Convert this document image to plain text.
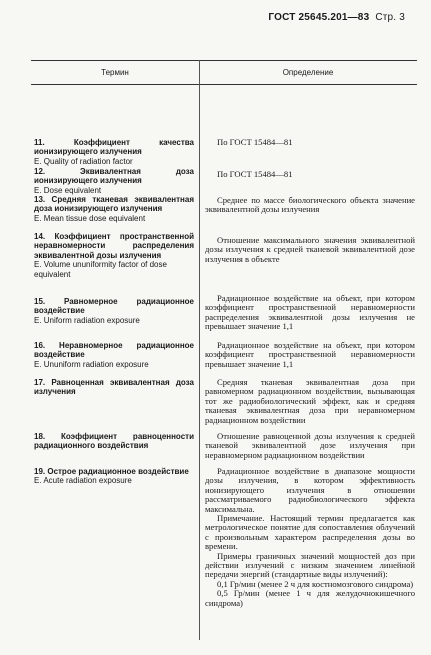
ГОСТ 25645.201—83 Стр. 3
Термин	Определение

11. Коэффициент качества ионизирующего излучения

E. Quality of radiation factor

По ГОСТ 15484—81

12. Эквивалентная доза ионизирующего излучения

E. Dose equivalent

По ГОСТ 15484—81

13. Средняя тканевая эквивалентная доза ионизирующего излучения

E. Mean tissue dose equivalent

Среднее по массе биологического объекта значение эквивалентной дозы излучения

14. Коэффициент пространственной неравномерности распределения эквивалентной дозы излучения

E. Volume ununiformity factor of dose equivalent

Отношение максимального значения эквивалентной дозы излучения к средней тканевой эквивалентной дозе излучения в объекте

15. Равномерное радиационное воздействие

E. Uniform radiation exposure

Радиационное воздействие на объект, при котором коэффициент пространственной неравномерности распределения эквивалентной дозы излучения не превышает значение 1,1

16. Неравномерное радиационное воздействие

E. Ununiform radiation exposure

Радиационное воздействие на объект, при котором коэффициент пространственной неравномерности превышает значение 1,1

17. Равноценная эквивалентная доза излучения

Средняя тканевая эквивалентная доза при равномерном радиационном воздействии, вызывающая тот же радиобиологический эффект, как и средняя тканевая эквивалентная доза при неравномерном радиационном воздействии

18. Коэффициент равноценности радиационного воздействия

Отношение равноценной дозы излучения к средней тканевой эквивалентной дозе излучения при неравномерном радиационном воздействии

19. Острое радиационное воздействие

E. Acute radiation exposure

Радиационное воздействие в диапазоне мощности дозы излучения, в котором эффективность ионизирующего излучения в отношении рассматриваемого радиобиологического эффекта максимальна.

Примечание. Настоящий термин предлагается как метрологическое понятие для сопоставления облучений с произвольным характером распределения дозы во времени.

Примеры граничных значений мощностей доз при действии излучений с низким значением линейной передачи энергий (стандартные виды излучений):

0,1 Гр/мин (менее 2 ч для костномозгового синдрома)

0,5 Гр/мин (менее 1 ч для желудочнокишечного синдрома)
